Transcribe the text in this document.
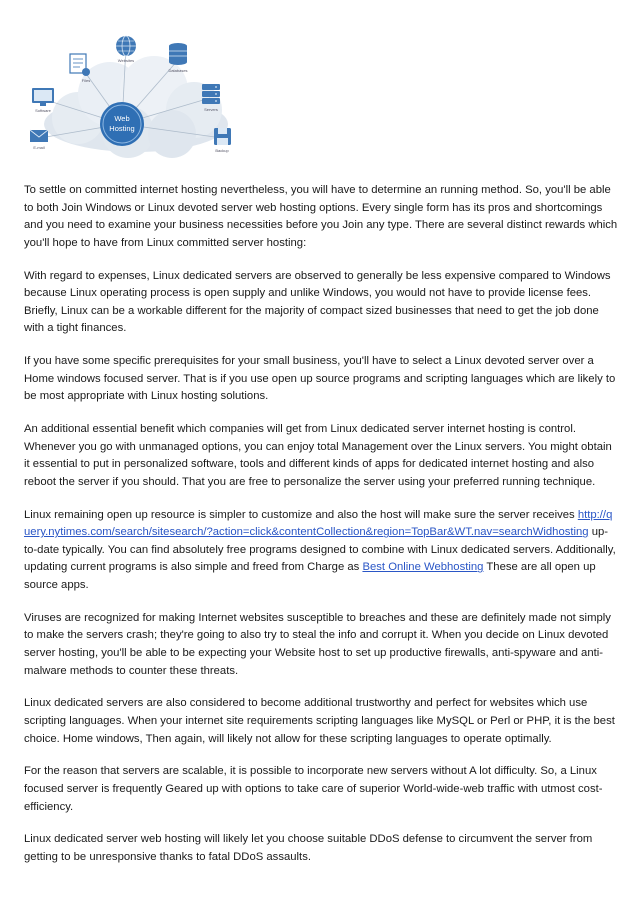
Web
Hosting
Software
Files
Websites
Databases
Servers
Backup
E-mail

To settle on committed internet hosting nevertheless, you will have to determine an running method. So, you'll be able to both Join Windows or Linux devoted server web hosting options. Every single form has its pros and shortcomings and you need to examine your business necessities before you Join any type. There are several distinct rewards which you'll hope to have from Linux committed server hosting:

With regard to expenses, Linux dedicated servers are observed to generally be less expensive compared to Windows because Linux operating process is open supply and unlike Windows, you would not have to provide license fees. Briefly, Linux can be a workable different for the majority of compact sized businesses that need to get the job done with a tight finances.

If you have some specific prerequisites for your small business, you'll have to select a Linux devoted server over a Home windows focused server. That is if you use open up source programs and scripting languages which are likely to be most appropriate with Linux hosting solutions.

An additional essential benefit which companies will get from Linux dedicated server internet hosting is control. Whenever you go with unmanaged options, you can enjoy total Management over the Linux servers. You might obtain it essential to put in personalized software, tools and different kinds of apps for dedicated internet hosting and also reboot the server if you should. That you are free to personalize the server using your preferred running technique.

Linux remaining open up resource is simpler to customize and also the host will make sure the server receives http://query.nytimes.com/search/sitesearch/?action=click&contentCollection&region=TopBar&WT.nav=searchWidhosting up-to-date typically. You can find absolutely free programs designed to combine with Linux dedicated servers. Additionally, updating current programs is also simple and freed from Charge as Best Online Webhosting These are all open up source apps.

Viruses are recognized for making Internet websites susceptible to breaches and these are definitely made not simply to make the servers crash; they're going to also try to steal the info and corrupt it. When you decide on Linux devoted server hosting, you'll be able to be expecting your Website host to set up productive firewalls, anti-spyware and anti-malware methods to counter these threats.

Linux dedicated servers are also considered to become additional trustworthy and perfect for websites which use scripting languages. When your internet site requirements scripting languages like MySQL or Perl or PHP, it is the best choice. Home windows, Then again, will likely not allow for these scripting languages to operate optimally.

For the reason that servers are scalable, it is possible to incorporate new servers without A lot difficulty. So, a Linux focused server is frequently Geared up with options to take care of superior World-wide-web traffic with utmost cost-efficiency.

Linux dedicated server web hosting will likely let you choose suitable DDoS defense to circumvent the server from getting to be unresponsive thanks to fatal DDoS assaults.
